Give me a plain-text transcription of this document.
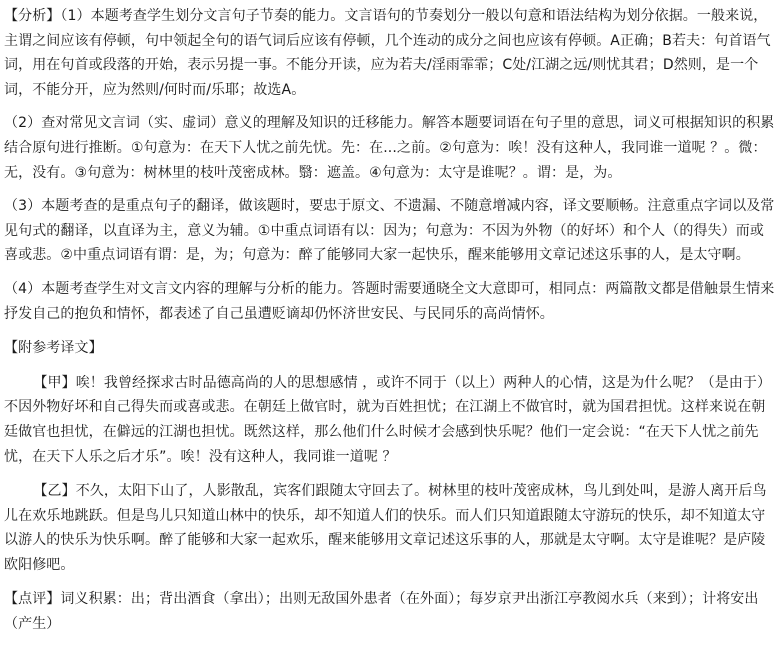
【分析】（1）本题考查学生划分文言句子节奏的能力。文言语句的节奏划分一般以句意和语法结构为划分依据。一般来说，主谓之间应该有停顿，句中领起全句的语气词后应该有停顿，几个连动的成分之间也应该有停顿。A正确；B若夫：句首语气词，用在句首或段落的开始，表示另提一事。不能分开读，应为若夫/淫雨霏霏；C处/江湖之远/则忧其君；D然则，是一个词，不能分开，应为然则/何时而/乐耶；故选A。

（2）查对常见文言词（实、虚词）意义的理解及知识的迁移能力。解答本题要词语在句子里的意思，词义可根据知识的积累结合原句进行推断。①句意为：在天下人忧之前先忧。先：在...之前。②句意为：唉！没有这种人，我同谁一道呢 ？。微：无，没有。③句意为：树林里的枝叶茂密成林。翳：遮盖。④句意为：太守是谁呢？。谓：是，为。

（3）本题考查的是重点句子的翻译，做该题时，要忠于原文、不遗漏、不随意增减内容，译文要顺畅。注意重点字词以及常见句式的翻译，以直译为主，意义为辅。①中重点词语有以：因为；句意为：不因为外物（的好坏）和个人（的得失）而或喜或悲。②中重点词语有谓：是，为；句意为：醉了能够同大家一起快乐，醒来能够用文章记述这乐事的人，是太守啊。

（4）本题考查学生对文言文内容的理解与分析的能力。答题时需要通晓全文大意即可，相同点：两篇散文都是借触景生情来抒发自己的抱负和情怀，都表述了自己虽遭贬谪却仍怀济世安民、与民同乐的高尚情怀。

【附参考译文】

【甲】唉！我曾经探求古时品德高尚的人的思想感情 ，或许不同于（以上）两种人的心情，这是为什么呢？（是由于）不因外物好坏和自己得失而或喜或悲。在朝廷上做官时，就为百姓担忧；在江湖上不做官时，就为国君担忧。这样来说在朝廷做官也担忧，在僻远的江湖也担忧。既然这样，那么他们什么时候才会感到快乐呢？他们一定会说：“在天下人忧之前先忧，在天下人乐之后才乐”。唉！没有这种人，我同谁一道呢 ？

【乙】不久，太阳下山了，人影散乱，宾客们跟随太守回去了。树林里的枝叶茂密成林，鸟儿到处叫，是游人离开后鸟儿在欢乐地跳跃。但是鸟儿只知道山林中的快乐，却不知道人们的快乐。而人们只知道跟随太守游玩的快乐，却不知道太守以游人的快乐为快乐啊。醉了能够和大家一起欢乐，醒来能够用文章记述这乐事的人，那就是太守啊。太守是谁呢？是庐陵欧阳修吧。

【点评】词义积累：出；背出酒食（拿出）；出则无敌国外患者（在外面）；每岁京尹出浙江亭教阅水兵（来到）；计将安出（产生）
